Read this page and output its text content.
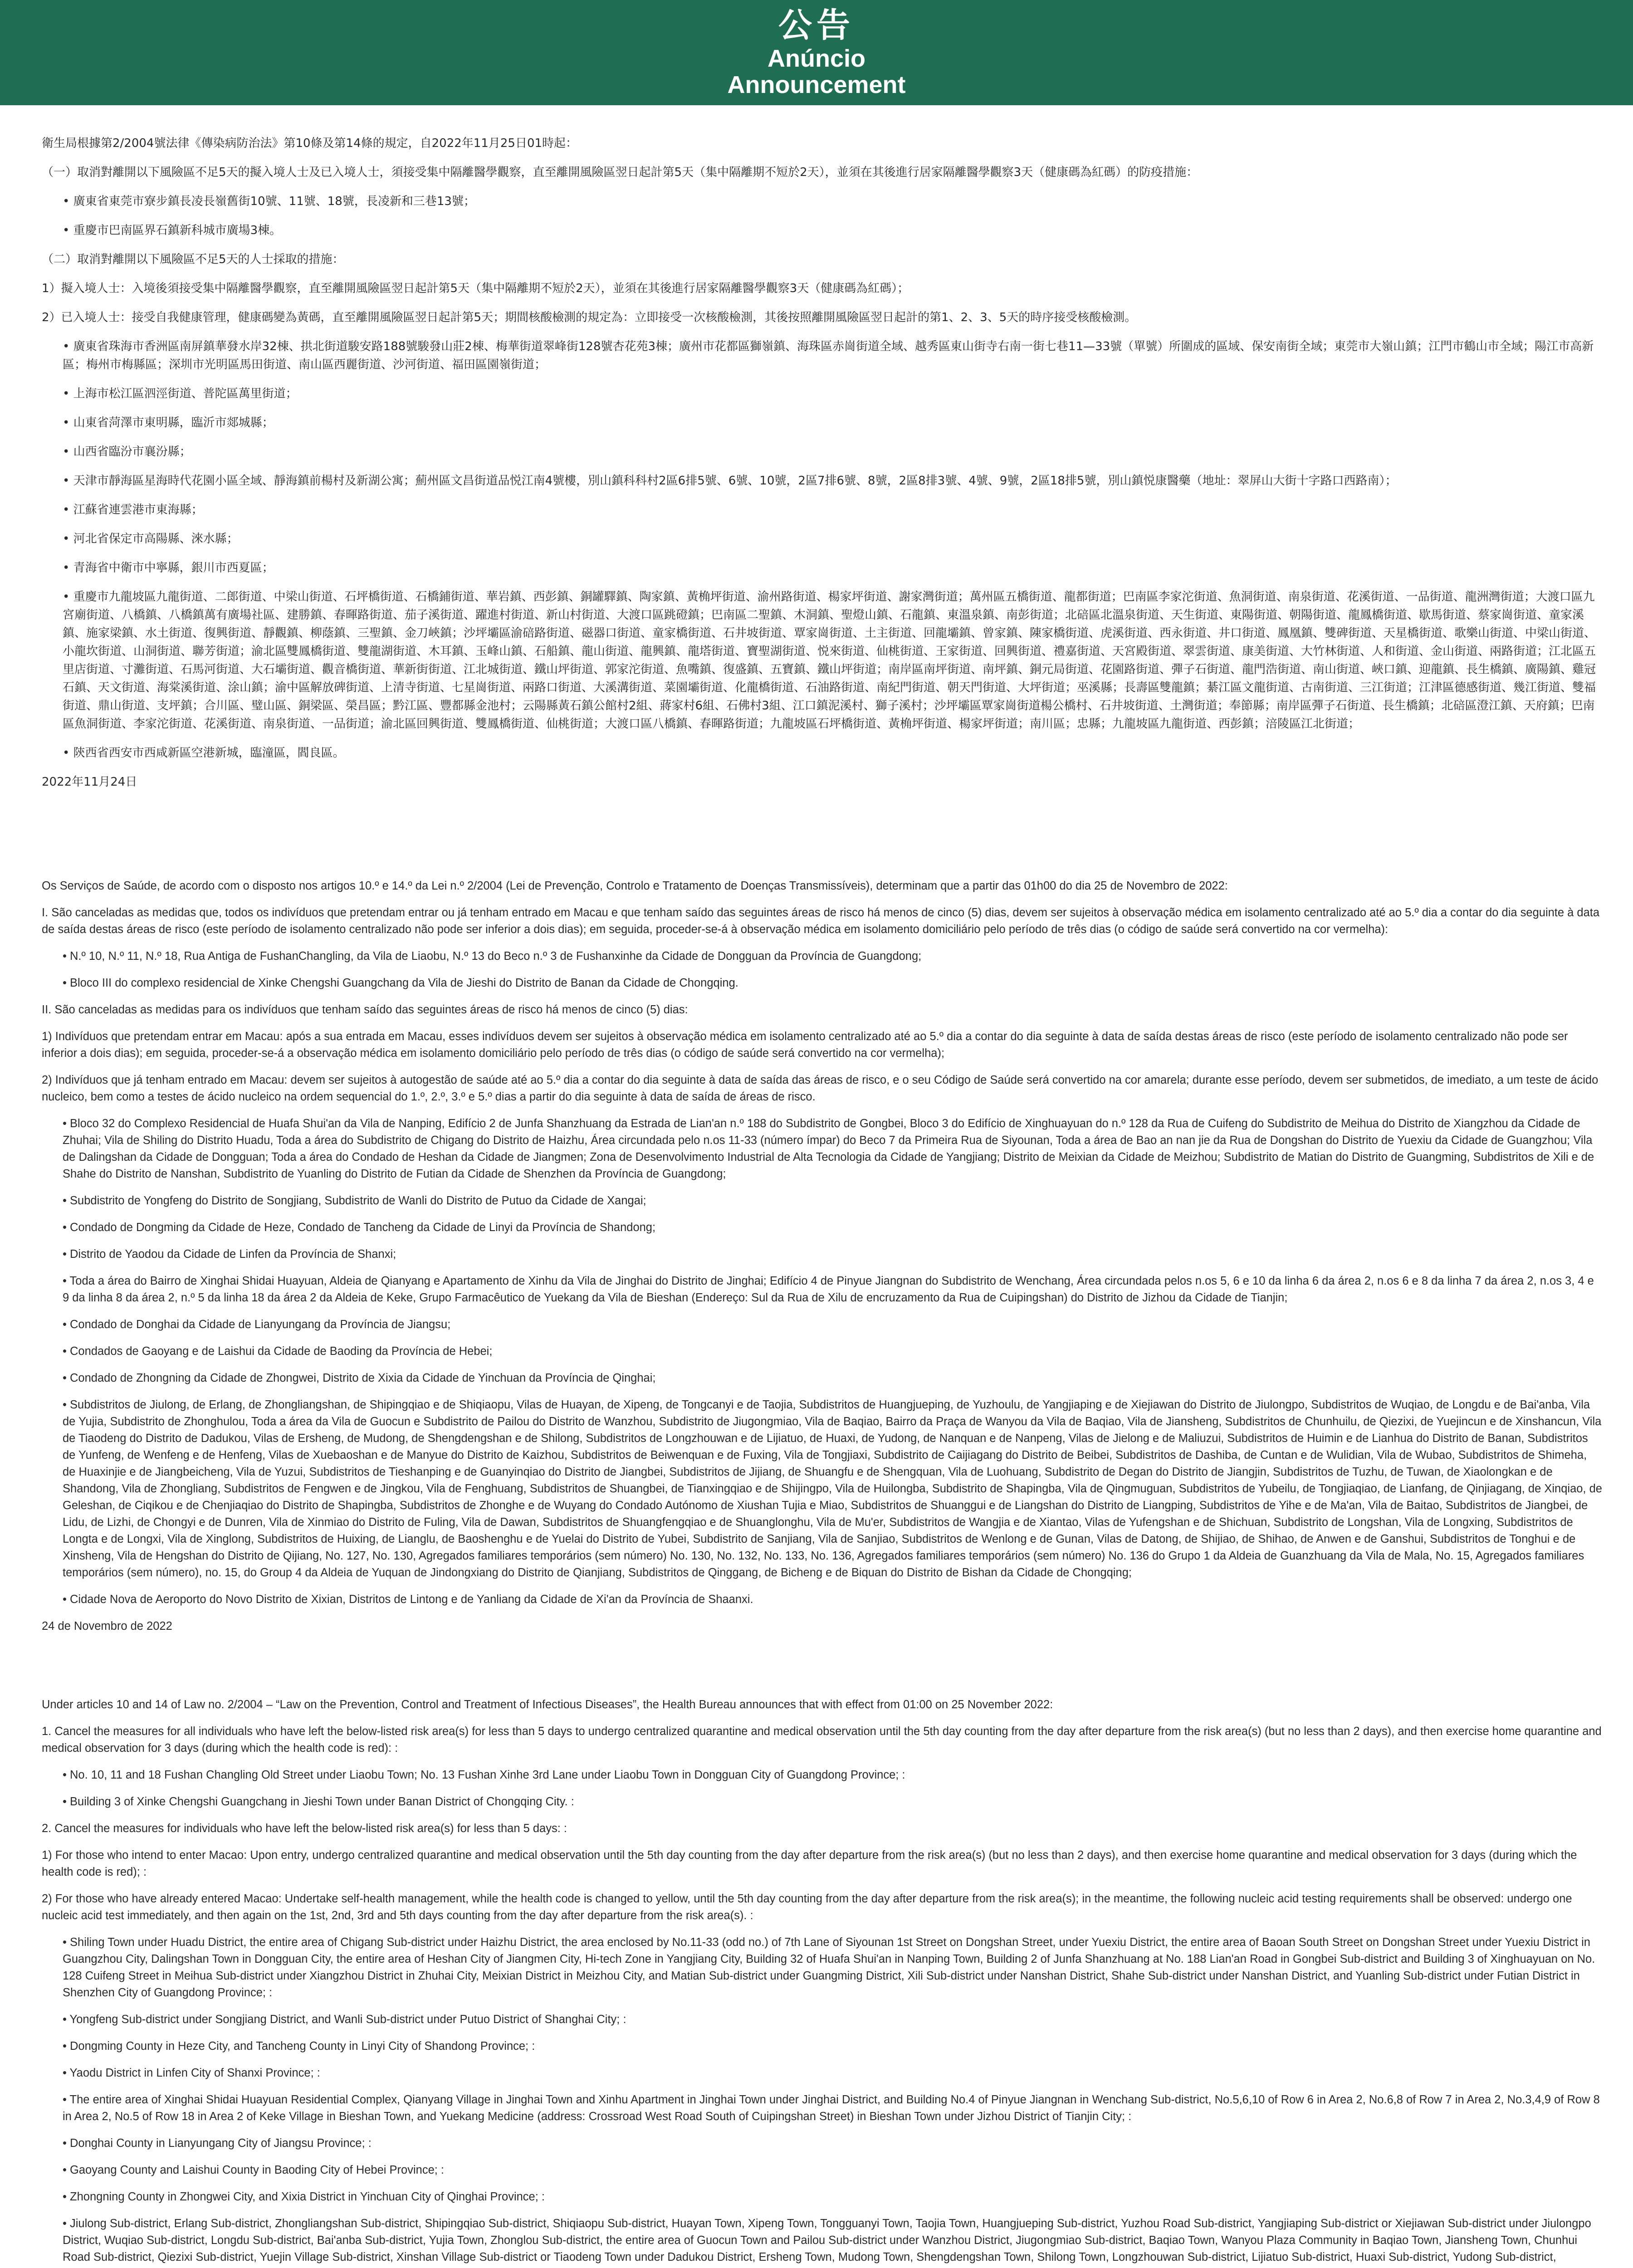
公告
Anúncio
Announcement

衛生局根據第2/2004號法律《傳染病防治法》第10條及第14條的規定，自2022年11月25日01時起：

（一）取消對離開以下風險區不足5天的擬入境人士及已入境人士，須接受集中隔離醫學觀察，直至離開風險區翌日起計第5天（集中隔離期不短於2天），並須在其後進行居家隔離醫學觀察3天（健康碼為紅碼）的防疫措施：

• 廣東省東莞市寮步鎮長凌長嶺舊街10號、11號、18號，長凌新和三巷13號；

• 重慶市巴南區界石鎮新科城市廣場3棟。

（二）取消對離開以下風險區不足5天的人士採取的措施：

1）擬入境人士：入境後須接受集中隔離醫學觀察，直至離開風險區翌日起計第5天（集中隔離期不短於2天），並須在其後進行居家隔離醫學觀察3天（健康碼為紅碼）；

2）已入境人士：接受自我健康管理，健康碼變為黃碼，直至離開風險區翌日起計第5天；期間核酸檢測的規定為：立即接受一次核酸檢測，其後按照離開風險區翌日起計的第1、2、3、5天的時序接受核酸檢測。

• 廣東省珠海市香洲區南屏鎮華發水岸32棟、拱北街道駿安路188號駿發山莊2棟、梅華街道翠峰街128號杏花苑3棟；廣州市花都區獅嶺鎮、海珠區赤崗街道全域、越秀區東山街寺右南一街七巷11—33號（單號）所圍成的區域、保安南街全域；東莞市大嶺山鎮；江門市鶴山市全域；陽江市高新區；梅州市梅縣區；深圳市光明區馬田街道、南山區西麗街道、沙河街道、福田區園嶺街道；

• 上海市松江區泗涇街道、普陀區萬里街道；

• 山東省菏澤市東明縣，臨沂市郯城縣；

• 山西省臨汾市襄汾縣；

• 天津市靜海區星海時代花園小區全域、靜海鎮前楊村及新湖公寓；薊州區文昌街道品悦江南4號樓，別山鎮科科村2區6排5號、6號、10號，2區7排6號、8號，2區8排3號、4號、9號，2區18排5號，別山鎮悦康醫藥（地址：翠屏山大街十字路口西路南）；

• 江蘇省連雲港市東海縣；

• 河北省保定市高陽縣、淶水縣；

• 青海省中衛市中寧縣，銀川市西夏區；

• 重慶市九龍坡區九龍街道、二郎街道、中梁山街道、石坪橋街道、石橋鋪街道、華岩鎮、西彭鎮、銅罐驛鎮、陶家鎮、黃桷坪街道、渝州路街道、楊家坪街道、謝家灣街道；萬州區五橋街道、龍都街道；巴南區李家沱街道、魚洞街道、南泉街道、花溪街道、一品街道、龍洲灣街道；大渡口區九宮廟街道、八橋鎮、八橋鎮萬有廣場社區、建勝鎮、春暉路街道、茄子溪街道、躍進村街道、新山村街道、大渡口區跳磴鎮；巴南區二聖鎮、木洞鎮、聖燈山鎮、石龍鎮、東溫泉鎮、南彭街道；北碚區北溫泉街道、天生街道、東陽街道、朝陽街道、龍鳳橋街道、歇馬街道、蔡家崗街道、童家溪鎮、施家梁鎮、水土街道、復興街道、靜觀鎮、柳蔭鎮、三聖鎮、金刀峽鎮；沙坪壩區渝碚路街道、磁器口街道、童家橋街道、石井坡街道、覃家崗街道、土主街道、回龍壩鎮、曾家鎮、陳家橋街道、虎溪街道、西永街道、井口街道、鳳凰鎮、雙碑街道、天星橋街道、歌樂山街道、中梁山街道、小龍坎街道、山洞街道、聯芳街道；渝北區雙鳳橋街道、雙龍湖街道、木耳鎮、玉峰山鎮、石船鎮、龍山街道、龍興鎮、龍塔街道、寶聖湖街道、悦來街道、仙桃街道、王家街道、回興街道、禮嘉街道、天宮殿街道、翠雲街道、康美街道、大竹林街道、人和街道、金山街道、兩路街道；江北區五里店街道、寸灘街道、石馬河街道、大石壩街道、觀音橋街道、華新街街道、江北城街道、鐵山坪街道、郭家沱街道、魚嘴鎮、復盛鎮、五寶鎮、鐵山坪街道；南岸區南坪街道、南坪鎮、銅元局街道、花園路街道、彈子石街道、龍門浩街道、南山街道、峽口鎮、迎龍鎮、長生橋鎮、廣陽鎮、雞冠石鎮、天文街道、海棠溪街道、涂山鎮；渝中區解放碑街道、上清寺街道、七星崗街道、兩路口街道、大溪溝街道、菜園壩街道、化龍橋街道、石油路街道、南紀門街道、朝天門街道、大坪街道；巫溪縣；長壽區雙龍鎮；綦江區文龍街道、古南街道、三江街道；江津區德感街道、幾江街道、雙福街道、鼎山街道、支坪鎮；合川區、璧山區、銅梁區、榮昌區；黔江區、豐都縣金池村；云陽縣黃石鎮公館村2組、蔣家村6組、石佛村3組、江口鎮泥溪村、獅子溪村；沙坪壩區覃家崗街道楊公橋村、石井坡街道、土灣街道；奉節縣；南岸區彈子石街道、長生橋鎮；北碚區澄江鎮、天府鎮；巴南區魚洞街道、李家沱街道、花溪街道、南泉街道、一品街道；渝北區回興街道、雙鳳橋街道、仙桃街道；大渡口區八橋鎮、春暉路街道；九龍坡區石坪橋街道、黃桷坪街道、楊家坪街道；南川區；忠縣；九龍坡區九龍街道、西彭鎮；涪陵區江北街道；

• 陝西省西安市西咸新區空港新城，臨潼區，閻良區。

2022年11月24日

Os Serviços de Saúde, de acordo com o disposto nos artigos 10.º e 14.º da Lei n.º 2/2004 (Lei de Prevenção, Controlo e Tratamento de Doenças Transmissíveis), determinam que a partir das 01h00 do dia 25 de Novembro de 2022:

I. São canceladas as medidas que, todos os indivíduos que pretendam entrar ou já tenham entrado em Macau e que tenham saído das seguintes áreas de risco há menos de cinco (5) dias, devem ser sujeitos à observação médica em isolamento centralizado até ao 5.º dia a contar do dia seguinte à data de saída destas áreas de risco (este período de isolamento centralizado não pode ser inferior a dois dias); em seguida, proceder-se-á à observação médica em isolamento domiciliário pelo período de três dias (o código de saúde será convertido na cor vermelha):

• N.º 10, N.º 11, N.º 18, Rua Antiga de FushanChangling, da Vila de Liaobu, N.º 13 do Beco n.º 3 de Fushanxinhe da Cidade de Dongguan da Província de Guangdong;

• Bloco III do complexo residencial de Xinke Chengshi Guangchang da Vila de Jieshi do Distrito de Banan da Cidade de Chongqing.

II. São canceladas as medidas para os indivíduos que tenham saído das seguintes áreas de risco há menos de cinco (5) dias:

1) Indivíduos que pretendam entrar em Macau: após a sua entrada em Macau, esses indivíduos devem ser sujeitos à observação médica em isolamento centralizado até ao 5.º dia a contar do dia seguinte à data de saída destas áreas de risco (este período de isolamento centralizado não pode ser inferior a dois dias); em seguida, proceder-se-á a observação médica em isolamento domiciliário pelo período de três dias (o código de saúde será convertido na cor vermelha);

2) Indivíduos que já tenham entrado em Macau: devem ser sujeitos à autogestão de saúde até ao 5.º dia a contar do dia seguinte à data de saída das áreas de risco, e o seu Código de Saúde será convertido na cor amarela; durante esse período, devem ser submetidos, de imediato, a um teste de ácido nucleico, bem como a testes de ácido nucleico na ordem sequencial do 1.º, 2.º, 3.º e 5.º dias a partir do dia seguinte à data de saída de áreas de risco.

• Bloco 32 do Complexo Residencial de Huafa Shui'an da Vila de Nanping, Edifício 2 de Junfa Shanzhuang da Estrada de Lian'an n.º 188 do Subdistrito de Gongbei, Bloco 3 do Edifício de Xinghuayuan do n.º 128 da Rua de Cuifeng do Subdistrito de Meihua do Distrito de Xiangzhou da Cidade de Zhuhai; Vila de Shiling do Distrito Huadu, Toda a área do Subdistrito de Chigang do Distrito de Haizhu, Área circundada pelo n.os 11-33 (número ímpar) do Beco 7 da Primeira Rua de Siyounan, Toda a área de Bao an nan jie da Rua de Dongshan do Distrito de Yuexiu da Cidade de Guangzhou; Vila de Dalingshan da Cidade de Dongguan; Toda a área do Condado de Heshan da Cidade de Jiangmen; Zona de Desenvolvimento Industrial de Alta Tecnologia da Cidade de Yangjiang; Distrito de Meixian da Cidade de Meizhou; Subdistrito de Matian do Distrito de Guangming, Subdistritos de Xili e de Shahe do Distrito de Nanshan, Subdistrito de Yuanling do Distrito de Futian da Cidade de Shenzhen da Província de Guangdong;

• Subdistrito de Yongfeng do Distrito de Songjiang, Subdistrito de Wanli do Distrito de Putuo da Cidade de Xangai;

• Condado de Dongming da Cidade de Heze, Condado de Tancheng da Cidade de Linyi da Província de Shandong;

• Distrito de Yaodou da Cidade de Linfen da Província de Shanxi;

• Toda a área do Bairro de Xinghai Shidai Huayuan, Aldeia de Qianyang e Apartamento de Xinhu da Vila de Jinghai do Distrito de Jinghai; Edifício 4 de Pinyue Jiangnan do Subdistrito de Wenchang, Área circundada pelos n.os 5, 6 e 10 da linha 6 da área 2, n.os 6 e 8 da linha 7 da área 2, n.os 3, 4 e 9 da linha 8 da área 2, n.º 5 da linha 18 da área 2 da Aldeia de Keke, Grupo Farmacêutico de Yuekang da Vila de Bieshan (Endereço: Sul da Rua de Xilu de encruzamento da Rua de Cuipingshan) do Distrito de Jizhou da Cidade de Tianjin;

• Condado de Donghai da Cidade de Lianyungang da Província de Jiangsu;

• Condados de Gaoyang e de Laishui da Cidade de Baoding da Província de Hebei;

• Condado de Zhongning da Cidade de Zhongwei, Distrito de Xixia da Cidade de Yinchuan da Província de Qinghai;

• Subdistritos de Jiulong, de Erlang, de Zhongliangshan, de Shipingqiao e de Shiqiaopu, Vilas de Huayan, de Xipeng, de Tongcanyi e de Taojia, Subdistritos de Huangjueping, de Yuzhoulu, de Yangjiaping e de Xiejiawan do Distrito de Jiulongpo, Subdistritos de Wuqiao, de Longdu e de Bai'anba, Vila de Yujia, Subdistrito de Zhonghulou, Toda a área da Vila de Guocun e Subdistrito de Pailou do Distrito de Wanzhou, Subdistrito de Jiugongmiao, Vila de Baqiao, Bairro da Praça de Wanyou da Vila de Baqiao, Vila de Jiansheng, Subdistritos de Chunhuilu, de Qiezixi, de Yuejincun e de Xinshancun, Vila de Tiaodeng do Distrito de Dadukou, Vilas de Ersheng, de Mudong, de Shengdengshan e de Shilong, Subdistritos de Longzhouwan e de Lijiatuo, de Huaxi, de Yudong, de Nanquan e de Nanpeng, Vilas de Jielong e de Maliuzui, Subdistritos de Huimin e de Lianhua do Distrito de Banan, Subdistritos de Yunfeng, de Wenfeng e de Henfeng, Vilas de Xuebaoshan e de Manyue do Distrito de Kaizhou, Subdistritos de Beiwenquan e de Fuxing, Vila de Tongjiaxi, Subdistrito de Caijiagang do Distrito de Beibei, Subdistritos de Dashiba, de Cuntan e de Wulidian, Vila de Wubao, Subdistritos de Shimeha, de Huaxinjie e de Jiangbeicheng, Vila de Yuzui, Subdistritos de Tieshanping e de Guanyinqiao do Distrito de Jiangbei, Subdistritos de Jijiang, de Shuangfu e de Shengquan, Vila de Luohuang, Subdistrito de Degan do Distrito de Jiangjin, Subdistritos de Tuzhu, de Tuwan, de Xiaolongkan e de Shandong, Vila de Zhongliang, Subdistritos de Fengwen e de Jingkou, Vila de Fenghuang, Subdistritos de Shuangbei, de Tianxingqiao e de Shijingpo, Vila de Huilongba, Subdistrito de Shapingba, Vila de Qingmuguan, Subdistritos de Yubeilu, de Tongjiaqiao, de Lianfang, de Qinjiagang, de Xinqiao, de Geleshan, de Ciqikou e de Chenjiaqiao do Distrito de Shapingba, Subdistritos de Zhonghe e de Wuyang do Condado Autónomo de Xiushan Tujia e Miao, Subdistritos de Shuanggui e de Liangshan do Distrito de Liangping, Subdistritos de Yihe e de Ma'an, Vila de Baitao, Subdistritos de Jiangbei, de Lidu, de Lizhi, de Chongyi e de Dunren, Vila de Xinmiao do Distrito de Fuling, Vila de Dawan, Subdistritos de Shuangfengqiao e de Shuanglonghu, Vila de Mu'er, Subdistritos de Wangjia e de Xiantao, Vilas de Yufengshan e de Shichuan, Subdistrito de Longshan, Vila de Longxing, Subdistritos de Longta e de Longxi, Vila de Xinglong, Subdistritos de Huixing, de Lianglu, de Baoshenghu e de Yuelai do Distrito de Yubei, Subdistrito de Sanjiang, Vila de Sanjiao, Subdistritos de Wenlong e de Gunan, Vilas de Datong, de Shijiao, de Shihao, de Anwen e de Ganshui, Subdistritos de Tonghui e de Xinsheng, Vila de Hengshan do Distrito de Qijiang, No. 127, No. 130, Agregados familiares temporários (sem número) No. 130, No. 132, No. 133, No. 136, Agregados familiares temporários (sem número) No. 136 do Grupo 1 da Aldeia de Guanzhuang da Vila de Mala, No. 15, Agregados familiares temporários (sem número), no. 15, do Group 4 da Aldeia de Yuquan de Jindongxiang do Distrito de Qianjiang, Subdistritos de Qinggang, de Bicheng e de Biquan do Distrito de Bishan da Cidade de Chongqing;

• Cidade Nova de Aeroporto do Novo Distrito de Xixian, Distritos de Lintong e de Yanliang da Cidade de Xi'an da Província de Shaanxi.

24 de Novembro de 2022

Under articles 10 and 14 of Law no. 2/2004 – “Law on the Prevention, Control and Treatment of Infectious Diseases”, the Health Bureau announces that with effect from 01:00 on 25 November 2022:

1. Cancel the measures for all individuals who have left the below-listed risk area(s) for less than 5 days to undergo centralized quarantine and medical observation until the 5th day counting from the day after departure from the risk area(s) (but no less than 2 days), and then exercise home quarantine and medical observation for 3 days (during which the health code is red): :

• No. 10, 11 and 18 Fushan Changling Old Street under Liaobu Town; No. 13 Fushan Xinhe 3rd Lane under Liaobu Town in Dongguan City of Guangdong Province; :

• Building 3 of Xinke Chengshi Guangchang in Jieshi Town under Banan District of Chongqing City. :

2. Cancel the measures for individuals who have left the below-listed risk area(s) for less than 5 days: :

1) For those who intend to enter Macao: Upon entry, undergo centralized quarantine and medical observation until the 5th day counting from the day after departure from the risk area(s) (but no less than 2 days), and then exercise home quarantine and medical observation for 3 days (during which the health code is red); :

2) For those who have already entered Macao: Undertake self-health management, while the health code is changed to yellow, until the 5th day counting from the day after departure from the risk area(s); in the meantime, the following nucleic acid testing requirements shall be observed: undergo one nucleic acid test immediately, and then again on the 1st, 2nd, 3rd and 5th days counting from the day after departure from the risk area(s). :

• Shiling Town under Huadu District, the entire area of Chigang Sub-district under Haizhu District, the area enclosed by No.11-33 (odd no.) of 7th Lane of Siyounan 1st Street on Dongshan Street, under Yuexiu District, the entire area of Baoan South Street on Dongshan Street under Yuexiu District in Guangzhou City, Dalingshan Town in Dongguan City, the entire area of Heshan City of Jiangmen City, Hi-tech Zone in Yangjiang City, Building 32 of Huafa Shui'an in Nanping Town, Building 2 of Junfa Shanzhuang at No. 188 Lian'an Road in Gongbei Sub-district and Building 3 of Xinghuayuan on No. 128 Cuifeng Street in Meihua Sub-district under Xiangzhou District in Zhuhai City, Meixian District in Meizhou City, and Matian Sub-district under Guangming District, Xili Sub-district under Nanshan District, Shahe Sub-district under Nanshan District, and Yuanling Sub-district under Futian District in Shenzhen City of Guangdong Province; :

• Yongfeng Sub-district under Songjiang District, and Wanli Sub-district under Putuo District of Shanghai City; :

• Dongming County in Heze City, and Tancheng County in Linyi City of Shandong Province; :

• Yaodu District in Linfen City of Shanxi Province; :

• The entire area of Xinghai Shidai Huayuan Residential Complex, Qianyang Village in Jinghai Town and Xinhu Apartment in Jinghai Town under Jinghai District, and Building No.4 of Pinyue Jiangnan in Wenchang Sub-district, No.5,6,10 of Row 6 in Area 2, No.6,8 of Row 7 in Area 2, No.3,4,9 of Row 8 in Area 2, No.5 of Row 18 in Area 2 of Keke Village in Bieshan Town, and Yuekang Medicine (address: Crossroad West Road South of Cuipingshan Street) in Bieshan Town under Jizhou District of Tianjin City; :

• Donghai County in Lianyungang City of Jiangsu Province; :

• Gaoyang County and Laishui County in Baoding City of Hebei Province; :

• Zhongning County in Zhongwei City, and Xixia District in Yinchuan City of Qinghai Province; :

• Jiulong Sub-district, Erlang Sub-district, Zhongliangshan Sub-district, Shipingqiao Sub-district, Shiqiaopu Sub-district, Huayan Town, Xipeng Town, Tongguanyi Town, Taojia Town, Huangjueping Sub-district, Yuzhou Road Sub-district, Yangjiaping Sub-district or Xiejiawan Sub-district under Jiulongpo District, Wuqiao Sub-district, Longdu Sub-district, Bai'anba Sub-district, Yujia Town, Zhonglou Sub-district, the entire area of Guocun Town and Pailou Sub-district under Wanzhou District, Jiugongmiao Sub-district, Baqiao Town, Wanyou Plaza Community in Baqiao Town, Jiansheng Town, Chunhui Road Sub-district, Qiezixi Sub-district, Yuejin Village Sub-district, Xinshan Village Sub-district or Tiaodeng Town under Dadukou District, Ersheng Town, Mudong Town, Shengdengshan Town, Shilong Town, Longzhouwan Sub-district, Lijiatuo Sub-district, Huaxi Sub-district, Yudong Sub-district,
